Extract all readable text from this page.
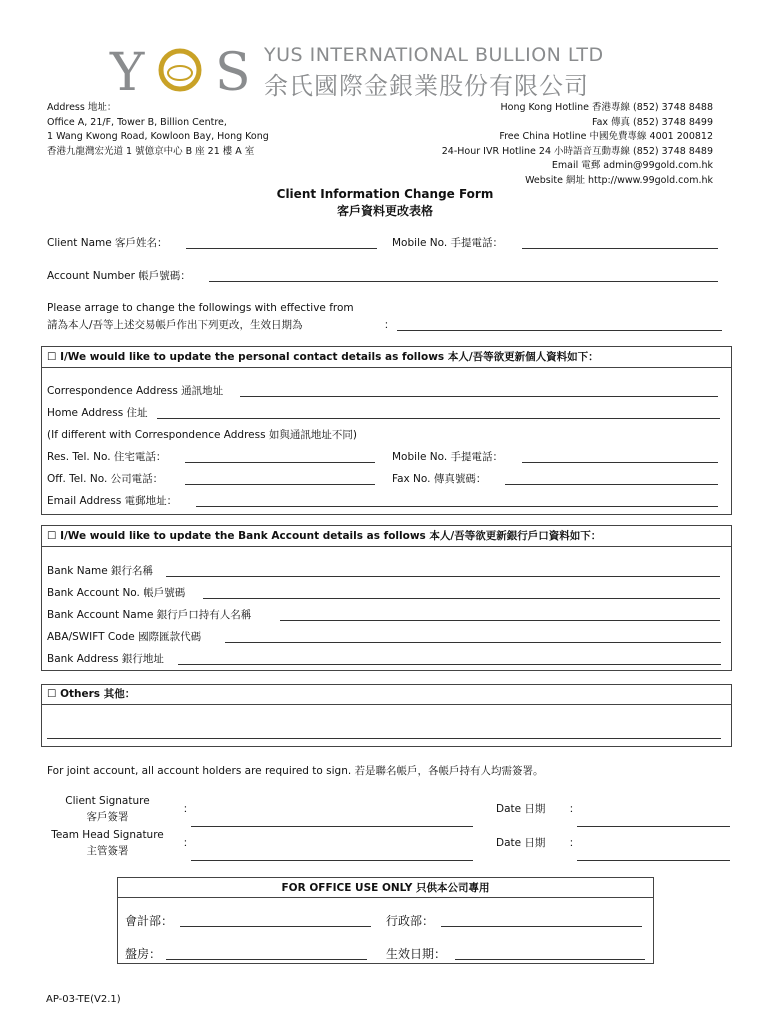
Y S YUS INTERNATIONAL BULLION LTD
余氏國際金銀業股份有限公司
Address 地址：
Office A, 21/F, Tower B, Billion Centre,
1 Wang Kwong Road, Kowloon Bay, Hong Kong
香港九龍灣宏光道 1 號億京中心 B 座 21 樓 A 室
Hong Kong Hotline 香港專線 (852) 3748 8488
Fax 傳真 (852) 3748 8499
Free China Hotline 中國免費專線 4001 200812
24-Hour IVR Hotline 24 小時語音互動專線 (852) 3748 8489
Email 電郵 admin@99gold.com.hk
Website 網址 http://www.99gold.com.hk
Client Information Change Form
客戶資料更改表格
Client Name 客戶姓名：	Mobile No. 手提電話：
Account Number 帳戶號碼：
Please arrage to change the followings with effective from
請為本人/吾等上述交易帳戶作出下列更改，生效日期為	：
☐ I/We would like to update the personal contact details as follows 本人/吾等欲更新個人資料如下：
Correspondence Address 通訊地址
Home Address 住址
(If different with Correspondence Address 如與通訊地址不同)
Res. Tel. No. 住宅電話：	Mobile No. 手提電話：
Off. Tel. No. 公司電話：	Fax No. 傳真號碼：
Email Address 電郵地址：
☐ I/We would like to update the Bank Account details as follows 本人/吾等欲更新銀行戶口資料如下：
Bank Name 銀行名稱
Bank Account No. 帳戶號碼
Bank Account Name 銀行戶口持有人名稱
ABA/SWIFT Code 國際匯款代碼
Bank Address 銀行地址
☐ Others 其他：
For joint account, all account holders are required to sign. 若是聯名帳戶，各帳戶持有人均需簽署。
Client Signature
客戶簽署
：	Date 日期 ：
Team Head Signature
主管簽署
：	Date 日期 ：
FOR OFFICE USE ONLY 只供本公司專用
會計部：	行政部：
盤房：	生效日期：
AP-03-TE(V2.1)
